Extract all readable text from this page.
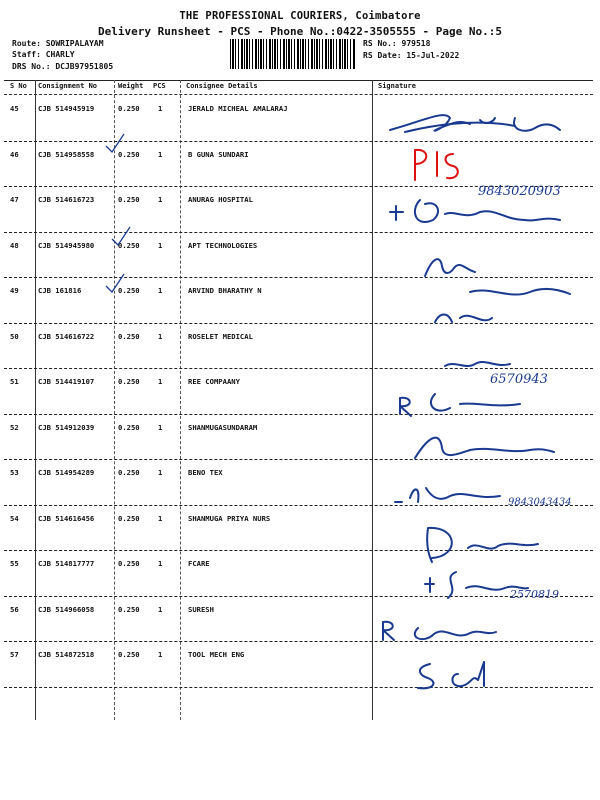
THE PROFESSIONAL COURIERS, Coimbatore
Delivery Runsheet - PCS - Phone No.:0422-3505555 - Page No.:5
Route: SOWRIPALAYAM
Staff: CHARLY
DRS No.: DCJB97951805
RS No.: 979518
RS Date: 15-Jul-2022
S No Consignment No	Weight PCS	Consignee Details	Signature
45	CJB 514945919	0.250	1	JERALD MICHEAL AMALARAJ
46	CJB 514958558	0.250	1	B GUNA SUNDARI
47	CJB 514616723	0.250	1	ANURAG HOSPITAL
48	CJB 514945980	0.250	1	APT TECHNOLOGIES
49	CJB 161816	0.250	1	ARVIND BHARATHY N
50	CJB 514616722	0.250	1	ROSELET MEDICAL
51	CJB 514419107	0.250	1	REE COMPAANY
52	CJB 514912039	0.250	1	SHANMUGASUNDARAM
53	CJB 514954289	0.250	1	BENO TEX
54	CJB 514616456	0.250	1	SHANMUGA PRIYA NURS
55	CJB 514817777	0.250	1	FCARE
56	CJB 514966058	0.250	1	SURESH
57	CJB 514872518	0.250	1	TOOL MECH ENG
9843020903
6570943
9843043434
2570819
